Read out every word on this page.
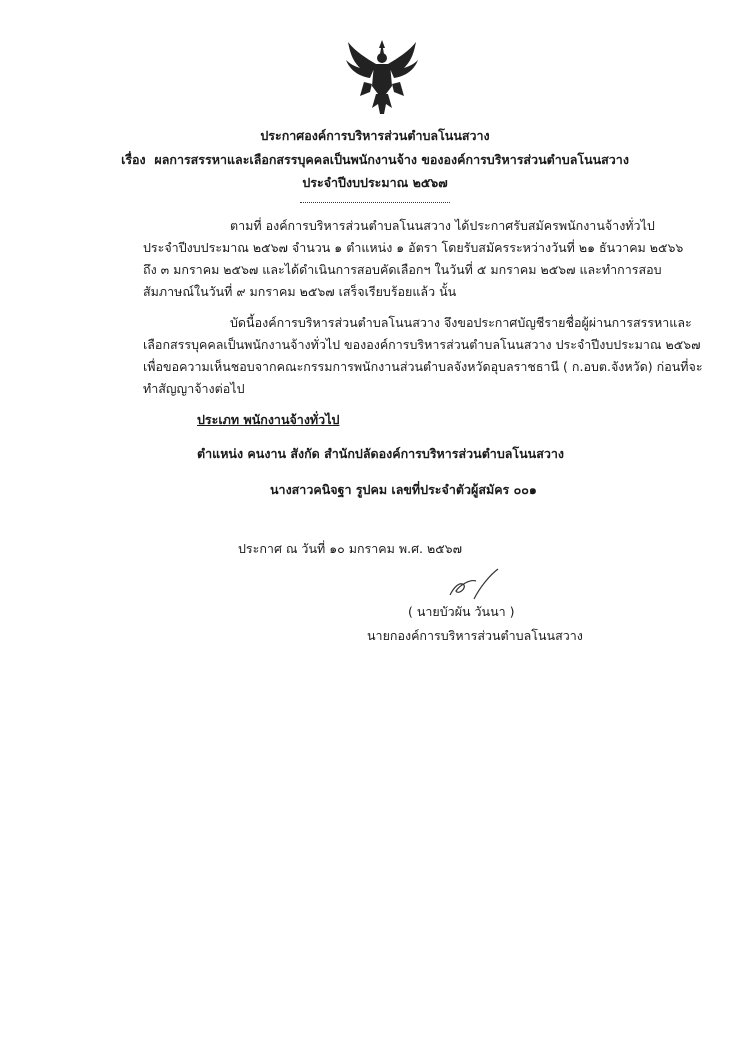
ประกาศองค์การบริหารส่วนตำบลโนนสวาง
เรื่อง ผลการสรรหาและเลือกสรรบุคคลเป็นพนักงานจ้าง ขององค์การบริหารส่วนตำบลโนนสวาง
ประจำปีงบประมาณ ๒๕๖๗
ตามที่ องค์การบริหารส่วนตำบลโนนสวาง ได้ประกาศรับสมัครพนักงานจ้างทั่วไป
ประจำปีงบประมาณ ๒๕๖๗ จำนวน ๑ ตำแหน่ง ๑ อัตรา โดยรับสมัครระหว่างวันที่ ๒๑ ธันวาคม ๒๕๖๖
ถึง ๓ มกราคม ๒๕๖๗ และได้ดำเนินการสอบคัดเลือกฯ ในวันที่ ๕ มกราคม ๒๕๖๗ และทำการสอบ
สัมภาษณ์ในวันที่ ๙ มกราคม ๒๕๖๗ เสร็จเรียบร้อยแล้ว นั้น
บัดนี้องค์การบริหารส่วนตำบลโนนสวาง จึงขอประกาศบัญชีรายชื่อผู้ผ่านการสรรหาและ
เลือกสรรบุคคลเป็นพนักงานจ้างทั่วไป ขององค์การบริหารส่วนตำบลโนนสวาง ประจำปีงบประมาณ ๒๕๖๗
เพื่อขอความเห็นชอบจากคณะกรรมการพนักงานส่วนตำบลจังหวัดอุบลราชธานี ( ก.อบต.จังหวัด) ก่อนที่จะ
ทำสัญญาจ้างต่อไป
ประเภท พนักงานจ้างทั่วไป
ตำแหน่ง คนงาน สังกัด สำนักปลัดองค์การบริหารส่วนตำบลโนนสวาง
นางสาวคนิจฐา รูปคม เลขที่ประจำตัวผู้สมัคร ๐๐๑
ประกาศ ณ วันที่ ๑๐ มกราคม พ.ศ. ๒๕๖๗
( นายบัวผัน วันนา )
นายกองค์การบริหารส่วนตำบลโนนสวาง
